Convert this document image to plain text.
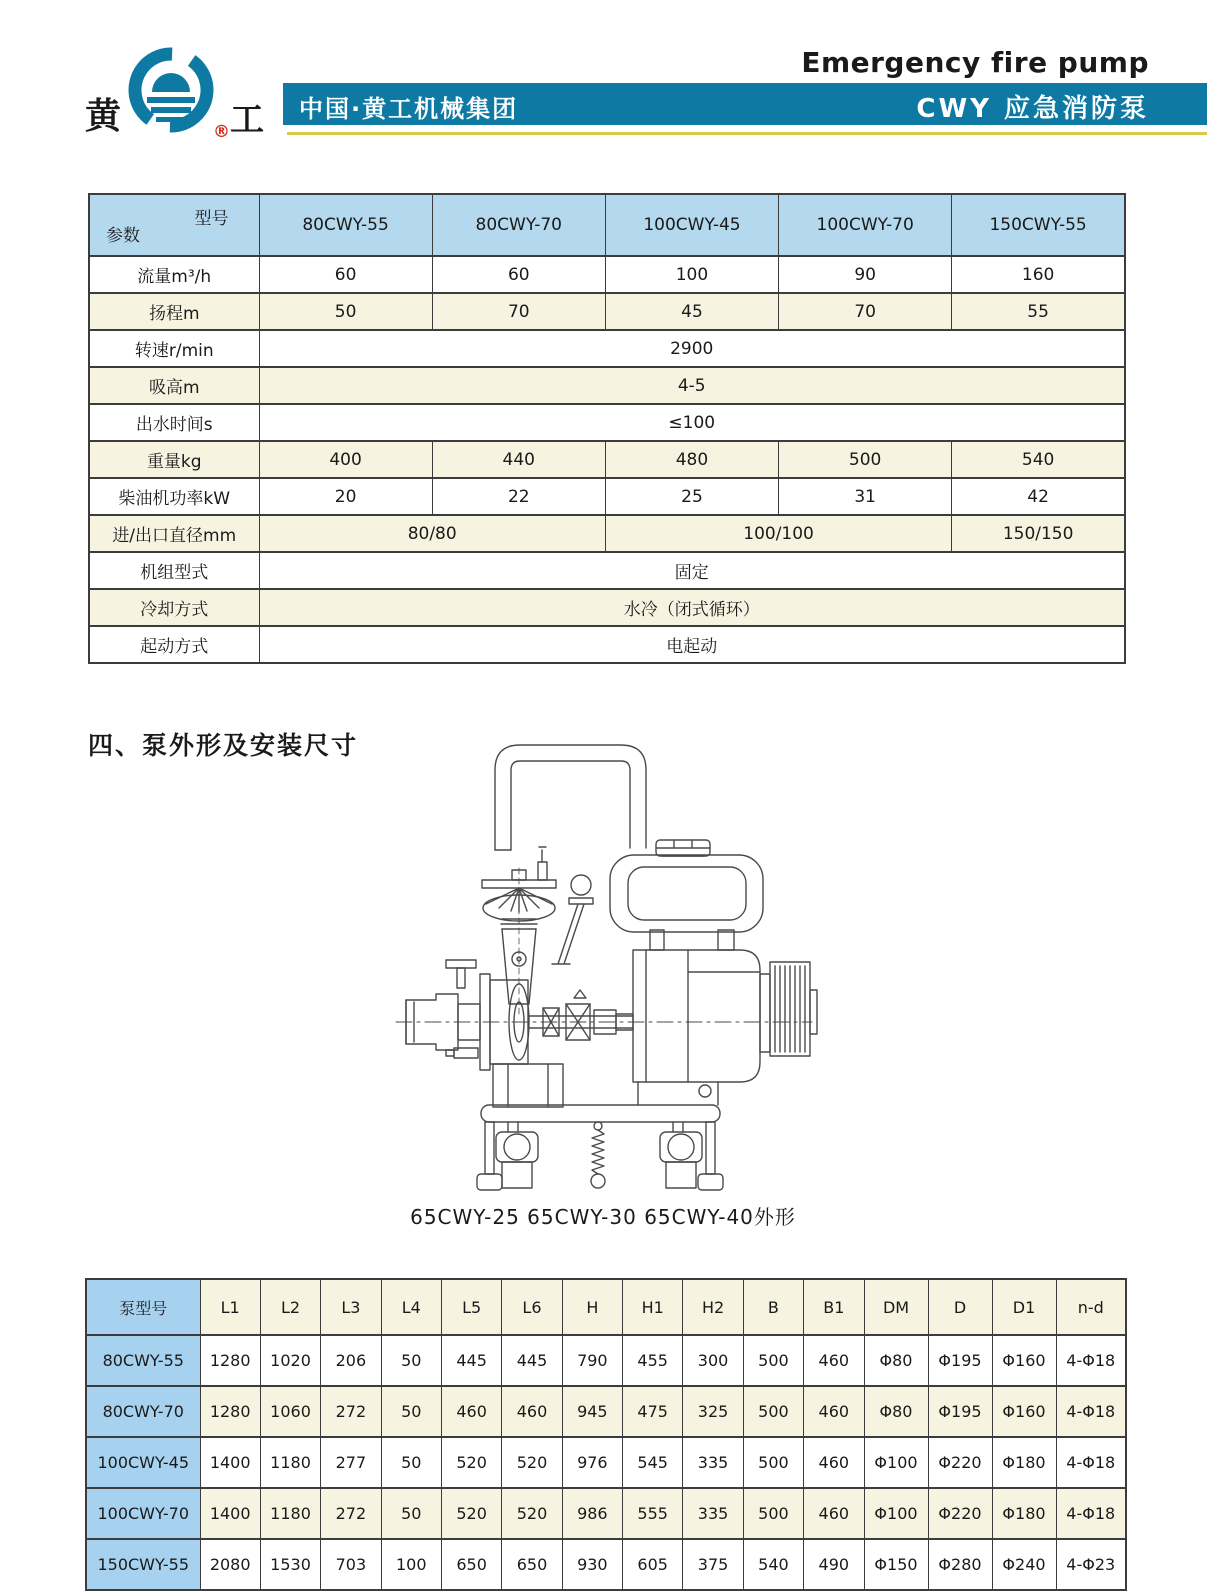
黄	工
®
Emergency fire pump
中国·黄工机械集团	CWY 应急消防泵
型号
参数	80CWY-55	80CWY-70	100CWY-45	100CWY-70	150CWY-55
流量m³/h	60	60	100	90	160
扬程m	50	70	45	70	55
转速r/min	2900				
吸高m	4-5				
出水时间s	≤100				
重量kg	400	440	480	500	540
柴油机功率kW	20	22	25	31	42
进/出口直径mm	80/80		100/100		150/150
机组型式	固定				
冷却方式	水冷（闭式循环）				
起动方式	电起动				
四、泵外形及安装尺寸
65CWY-25 65CWY-30 65CWY-40外形
泵型号	L1	L2	L3	L4	L5	L6	H	H1	H2	B	B1	DM	D	D1	n-d
80CWY-55	1280	1020	206	50	445	445	790	455	300	500	460	Φ80	Φ195	Φ160	4-Φ18
80CWY-70	1280	1060	272	50	460	460	945	475	325	500	460	Φ80	Φ195	Φ160	4-Φ18
100CWY-45	1400	1180	277	50	520	520	976	545	335	500	460	Φ100	Φ220	Φ180	4-Φ18
100CWY-70	1400	1180	272	50	520	520	986	555	335	500	460	Φ100	Φ220	Φ180	4-Φ18
150CWY-55	2080	1530	703	100	650	650	930	605	375	540	490	Φ150	Φ280	Φ240	4-Φ23
